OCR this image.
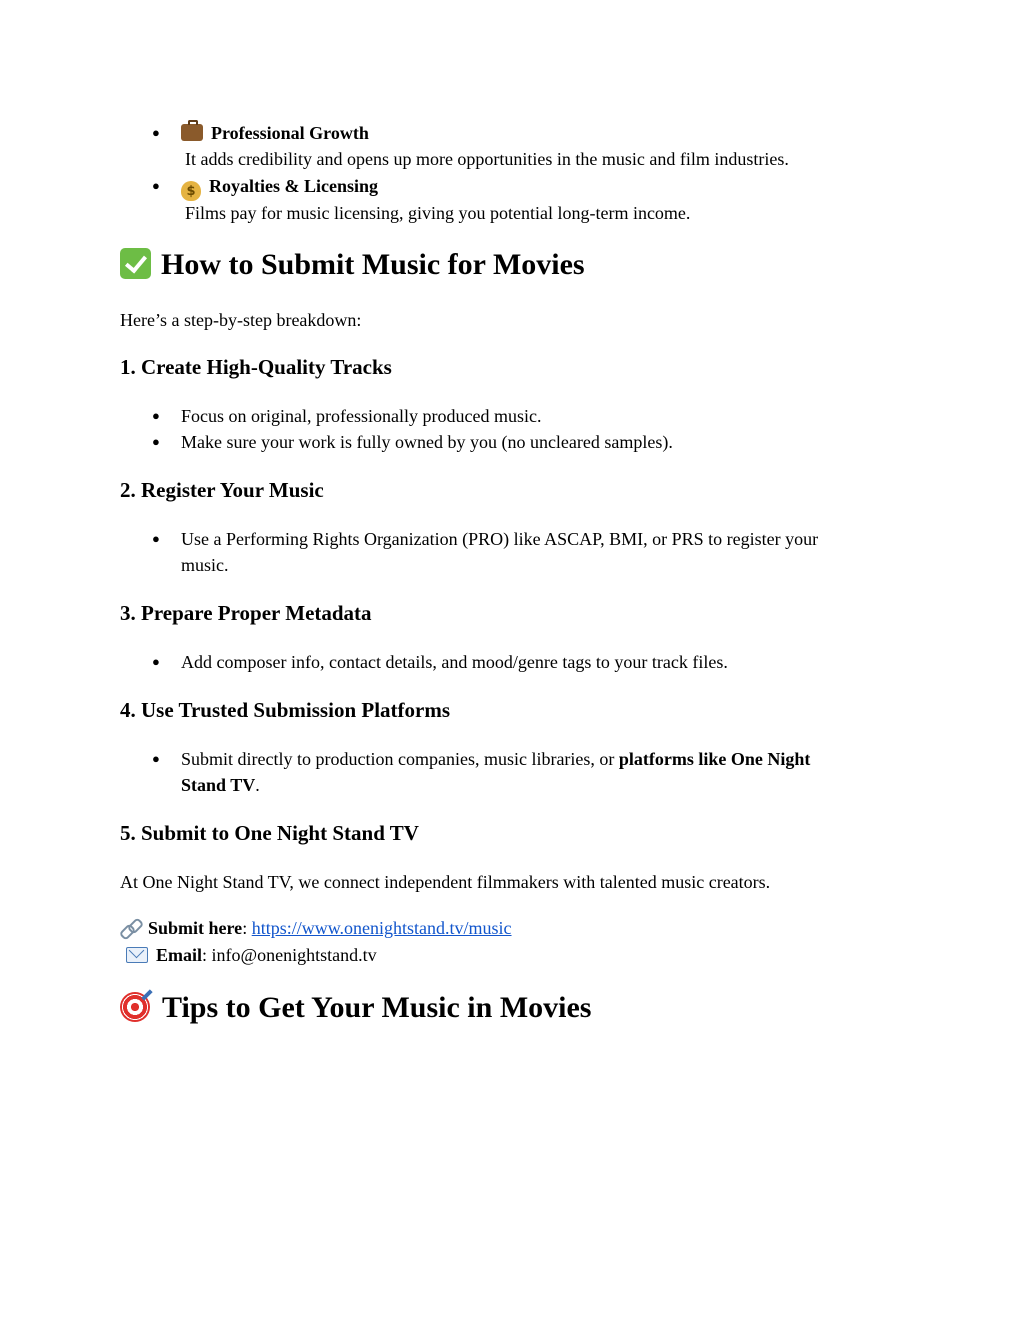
●	Professional Growth
It adds credibility and opens up more opportunities in the music and film industries.
●	$ Royalties & Licensing
Films pay for music licensing, giving you potential long-term income.
How to Submit Music for Movies
Here’s a step-by-step breakdown:
1. Create High-Quality Tracks
● Focus on original, professionally produced music.
● Make sure your work is fully owned by you (no uncleared samples).
2. Register Your Music
● Use a Performing Rights Organization (PRO) like ASCAP, BMI, or PRS to register your
music.
3. Prepare Proper Metadata
● Add composer info, contact details, and mood/genre tags to your track files.
4. Use Trusted Submission Platforms
● Submit directly to production companies, music libraries, or platforms like One Night
Stand TV.
5. Submit to One Night Stand TV
At One Night Stand TV, we connect independent filmmakers with talented music creators.
Submit here: https://www.onenightstand.tv/music
Email: info@onenightstand.tv
Tips to Get Your Music in Movies
